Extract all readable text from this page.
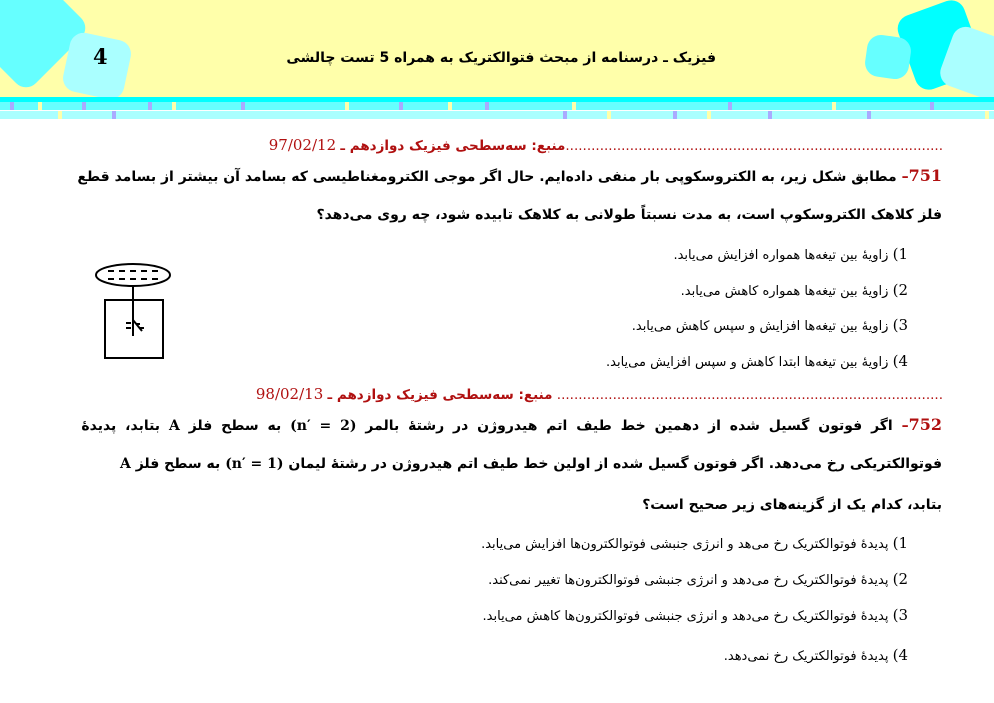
4	فیزیک ـ درسنامه از مبحث فتوالکتریک به همراه 5 تست چالشی
........................................................................................منبع: سه‌سطحی فیزیک دوازدهم ـ 97/02/12
751– مطابق شکل زیر، به الکتروسکوپی بار منفی داده‌ایم. حال اگر موجی الکترومغناطیسی که بسامد آن بیشتر از بسامد قطع
فلز کلاهک الکتروسکوپ است، به مدت نسبتاً طولانی به کلاهک تابیده شود، چه روی می‌دهد؟
1) زاویهٔ بین تیغه‌ها همواره افزایش می‌یابد.
2) زاویهٔ بین تیغه‌ها همواره کاهش می‌یابد.
3) زاویهٔ بین تیغه‌ها افزایش و سپس کاهش می‌یابد.
4) زاویهٔ بین تیغه‌ها ابتدا کاهش و سپس افزایش می‌یابد.
.......................................................................................... منبع: سه‌سطحی فیزیک دوازدهم ـ 98/02/13
752– اگر فوتون گسیل شده از دهمین خط طیف اتم هیدروژن در رشتهٔ بالمر (n′ = 2) به سطح فلز A بتابد، پدیدهٔ
فوتوالکتریکی رخ می‌دهد. اگر فوتون گسیل شده از اولین خط طیف اتم هیدروژن در رشتهٔ لیمان (n′ = 1) به سطح فلز A
بتابد، کدام یک از گزینه‌های زیر صحیح است؟
1) پدیدهٔ فوتوالکتریک رخ می‌هد و انرژی جنبشی فوتوالکترون‌ها افزایش می‌یابد.
2) پدیدهٔ فوتوالکتریک رخ می‌دهد و انرژی جنبشی فوتوالکترون‌ها تغییر نمی‌کند.
3) پدیدهٔ فوتوالکتریک رخ می‌دهد و انرژی جنبشی فوتوالکترون‌ها کاهش می‌یابد.
4) پدیدهٔ فوتوالکتریک رخ نمی‌دهد.
